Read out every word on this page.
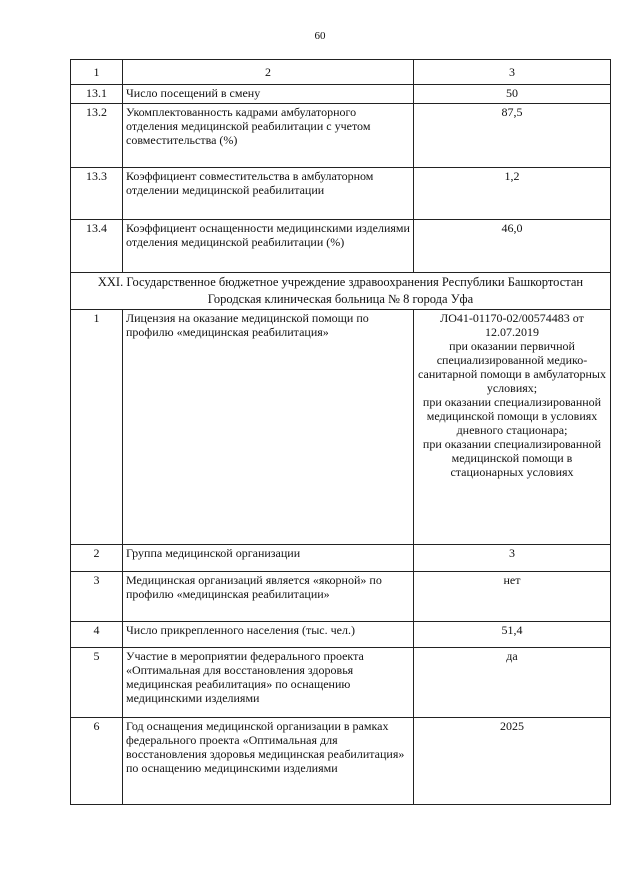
60
1	2	3
13.1	Число посещений в смену	50
13.2	Укомплектованность кадрами амбулаторного отделения медицинской реабилитации с учетом совместительства (%)	87,5
13.3	Коэффициент совместительства в амбулаторном отделении медицинской реабилитации	1,2
13.4	Коэффициент оснащенности медицинскими изделиями отделения медицинской реабилитации (%)	46,0
XXI. Государственное бюджетное учреждение здравоохранения Республики Башкортостан Городская клиническая больница № 8 города Уфа		
1	Лицензия на оказание медицинской помощи по профилю «медицинская реабилитация»	ЛО41-01170-02/00574483 от 12.07.2019
при оказании первичной специализированной медико-санитарной помощи в амбулаторных условиях;
при оказании специализированной медицинской помощи в условиях дневного стационара;
при оказании специализированной медицинской помощи в стационарных условиях
2	Группа медицинской организации	3
3	Медицинская организаций является «якорной» по профилю «медицинская реабилитации»	нет
4	Число прикрепленного населения (тыс. чел.)	51,4
5	Участие в мероприятии федерального проекта «Оптимальная для восстановления здоровья медицинская реабилитация» по оснащению медицинскими изделиями	да
6	Год оснащения медицинской организации в рамках федерального проекта «Оптимальная для восстановления здоровья медицинская реабилитация» по оснащению медицинскими изделиями	2025
